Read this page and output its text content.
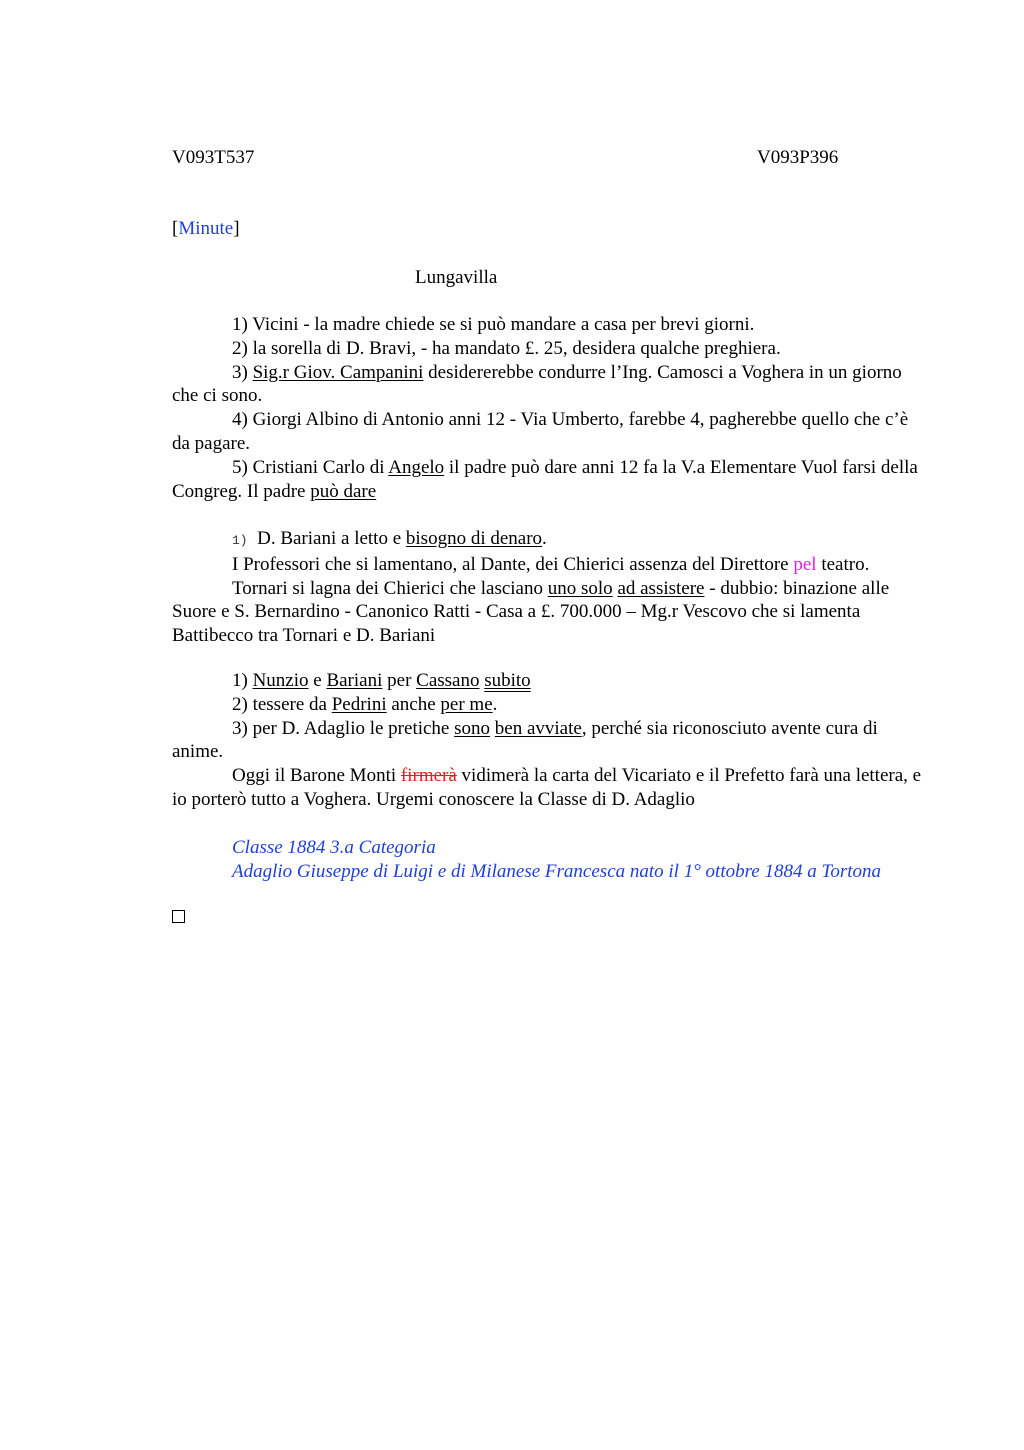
V093T537	V093P396
[Minute]
Lungavilla

1) Vicini - la madre chiede se si può mandare a casa per brevi giorni.

2) la sorella di D. Bravi, - ha mandato £. 25, desidera qualche preghiera.

3) Sig.r Giov. Campanini desidererebbe condurre l’Ing. Camosci a Voghera in un giorno che ci sono.

4) Giorgi Albino di Antonio anni 12 - Via Umberto, farebbe 4, pagherebbe quello che c’è da pagare.

5) Cristiani Carlo di Angelo il padre può dare anni 12 fa la V.a Elementare Vuol farsi della Congreg. Il padre può dare

1)  D. Bariani a letto e bisogno di denaro.

I Professori che si lamentano, al Dante, dei Chierici assenza del Direttore pel teatro.

Tornari si lagna dei Chierici che lasciano uno solo ad assistere - dubbio: binazione alle Suore e S. Bernardino - Canonico Ratti - Casa a £. 700.000 – Mg.r Vescovo che si lamenta Battibecco tra Tornari e D. Bariani

1) Nunzio e Bariani per Cassano subito

2) tessere da Pedrini anche per me.

3) per D. Adaglio le pretiche sono ben avviate, perché sia riconosciuto avente cura di anime.

Oggi il Barone Monti firmerà vidimerà la carta del Vicariato e il Prefetto farà una lettera, e io porterò tutto a Voghera. Urgemi conoscere la Classe di D. Adaglio

Classe 1884 3.a Categoria

Adaglio Giuseppe di Luigi e di Milanese Francesca nato il 1° ottobre 1884 a Tortona
